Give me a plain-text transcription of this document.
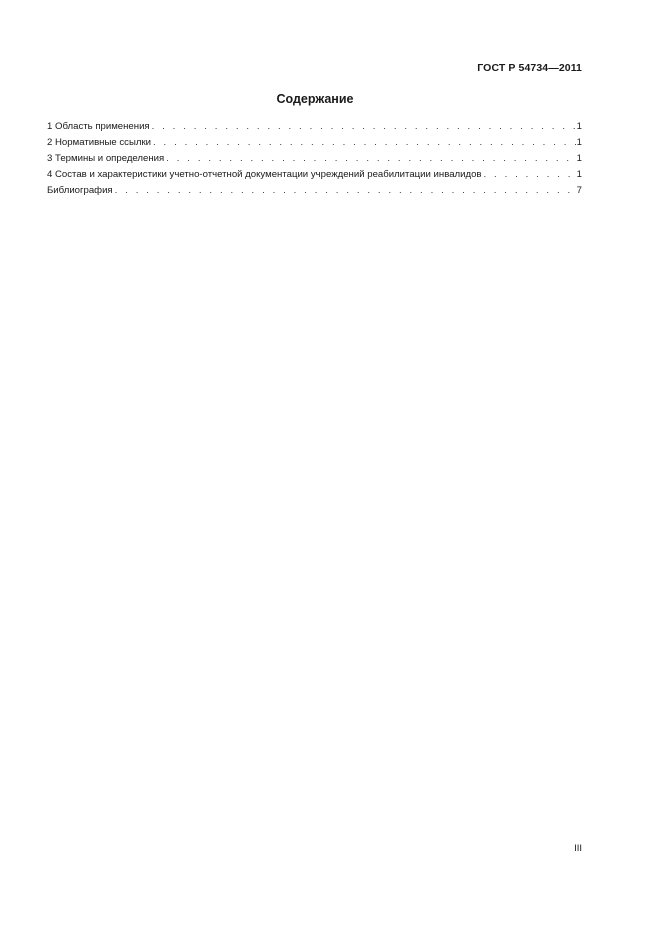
ГОСТ Р 54734—2011
Содержание
1 Область применения . . .	1
2 Нормативные ссылки . . .	1
3 Термины и определения . . .	1
4 Состав и характеристики учетно-отчетной документации учреждений реабилитации инвалидов . . .	1
Библиография . . .	7
III
